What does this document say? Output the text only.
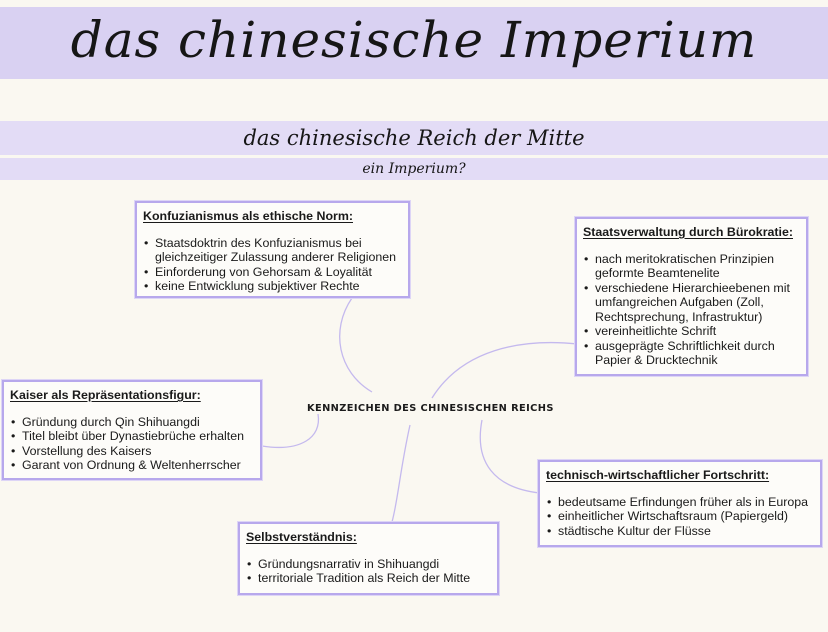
das chinesische Imperium
das chinesische Reich der Mitte
ein Imperium?
KENNZEICHEN DES CHINESISCHEN REICHS
Konfuzianismus als ethische Norm:
• Staatsdoktrin des Konfuzianismus bei gleichzeitiger Zulassung anderer Religionen
• Einforderung von Gehorsam & Loyalität
• keine Entwicklung subjektiver Rechte
Staatsverwaltung durch Bürokratie:
• nach meritokratischen Prinzipien geformte Beamtenelite
• verschiedene Hierarchieebenen mit umfangreichen Aufgaben (Zoll, Rechtsprechung, Infrastruktur)
• vereinheitlichte Schrift
• ausgeprägte Schriftlichkeit durch Papier & Drucktechnik
Kaiser als Repräsentationsfigur:
• Gründung durch Qin Shihuangdi
• Titel bleibt über Dynastiebrüche erhalten
• Vorstellung des Kaisers
• Garant von Ordnung & Weltenherrscher
technisch-wirtschaftlicher Fortschritt:
• bedeutsame Erfindungen früher als in Europa
• einheitlicher Wirtschaftsraum (Papiergeld)
• städtische Kultur der Flüsse
Selbstverständnis:
• Gründungsnarrativ in Shihuangdi
• territoriale Tradition als Reich der Mitte
